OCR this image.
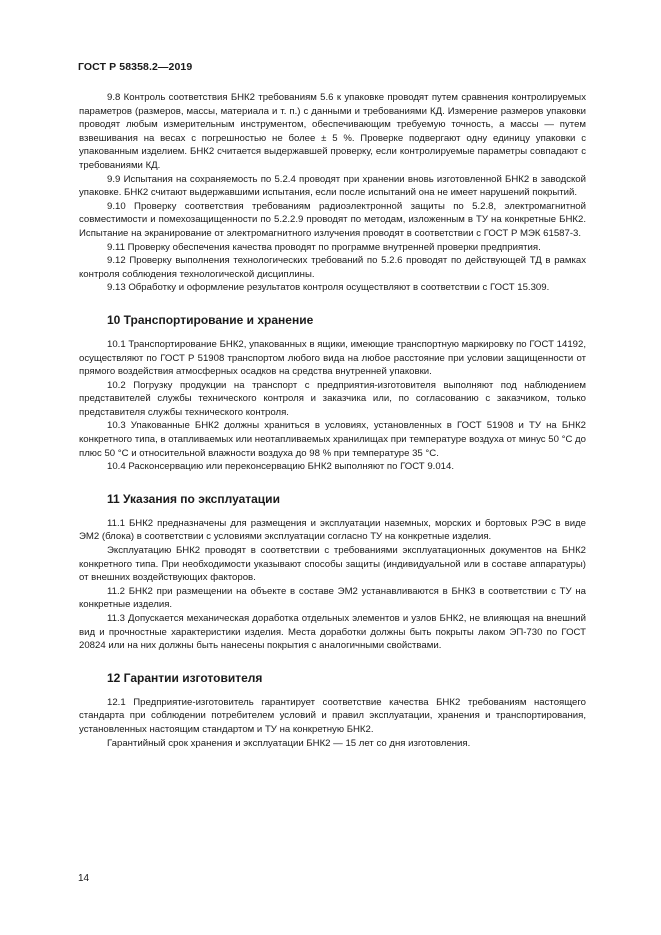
ГОСТ Р 58358.2—2019

9.8 Контроль соответствия БНК2 требованиям 5.6 к упаковке проводят путем сравнения контролируемых параметров (размеров, массы, материала и т. п.) с данными и требованиями КД. Измерение размеров упаковки проводят любым измерительным инструментом, обеспечивающим требуемую точность, а массы — путем взвешивания на весах с погрешностью не более ± 5 %. Проверке подвергают одну единицу упаковки с упакованным изделием. БНК2 считается выдержавшей проверку, если контролируемые параметры совпадают с требованиями КД.

9.9 Испытания на сохраняемость по 5.2.4 проводят при хранении вновь изготовленной БНК2 в заводской упаковке. БНК2 считают выдержавшими испытания, если после испытаний она не имеет нарушений покрытий.

9.10 Проверку соответствия требованиям радиоэлектронной защиты по 5.2.8, электромагнитной совместимости и помехозащищенности по 5.2.2.9 проводят по методам, изложенным в ТУ на конкретные БНК2. Испытание на экранирование от электромагнитного излучения проводят в соответствии с ГОСТ Р МЭК 61587-3.

9.11 Проверку обеспечения качества проводят по программе внутренней проверки предприятия.

9.12 Проверку выполнения технологических требований по 5.2.6 проводят по действующей ТД в рамках контроля соблюдения технологической дисциплины.

9.13 Обработку и оформление результатов контроля осуществляют в соответствии с ГОСТ 15.309.

10 Транспортирование и хранение

10.1 Транспортирование БНК2, упакованных в ящики, имеющие транспортную маркировку по ГОСТ 14192, осуществляют по ГОСТ Р 51908 транспортом любого вида на любое расстояние при условии защищенности от прямого воздействия атмосферных осадков на средства внутренней упаковки.

10.2 Погрузку продукции на транспорт с предприятия-изготовителя выполняют под наблюдением представителей службы технического контроля и заказчика или, по согласованию с заказчиком, только представителя службы технического контроля.

10.3 Упакованные БНК2 должны храниться в условиях, установленных в ГОСТ 51908 и ТУ на БНК2 конкретного типа, в отапливаемых или неотапливаемых хранилищах при температуре воздуха от минус 50 °С до плюс 50 °С и относительной влажности воздуха до 98 % при температуре 35 °С.

10.4 Расконсервацию или переконсервацию БНК2 выполняют по ГОСТ 9.014.

11 Указания по эксплуатации

11.1 БНК2 предназначены для размещения и эксплуатации наземных, морских и бортовых РЭС в виде ЭМ2 (блока) в соответствии с условиями эксплуатации согласно ТУ на конкретные изделия.

Эксплуатацию БНК2 проводят в соответствии с требованиями эксплуатационных документов на БНК2 конкретного типа. При необходимости указывают способы защиты (индивидуальной или в составе аппаратуры) от внешних воздействующих факторов.

11.2 БНК2 при размещении на объекте в составе ЭМ2 устанавливаются в БНК3 в соответствии с ТУ на конкретные изделия.

11.3 Допускается механическая доработка отдельных элементов и узлов БНК2, не влияющая на внешний вид и прочностные характеристики изделия. Места доработки должны быть покрыты лаком ЭП-730 по ГОСТ 20824 или на них должны быть нанесены покрытия с аналогичными свойствами.

12 Гарантии изготовителя

12.1 Предприятие-изготовитель гарантирует соответствие качества БНК2 требованиям настоящего стандарта при соблюдении потребителем условий и правил эксплуатации, хранения и транспортирования, установленных настоящим стандартом и ТУ на конкретную БНК2.

Гарантийный срок хранения и эксплуатации БНК2 — 15 лет со дня изготовления.

14
